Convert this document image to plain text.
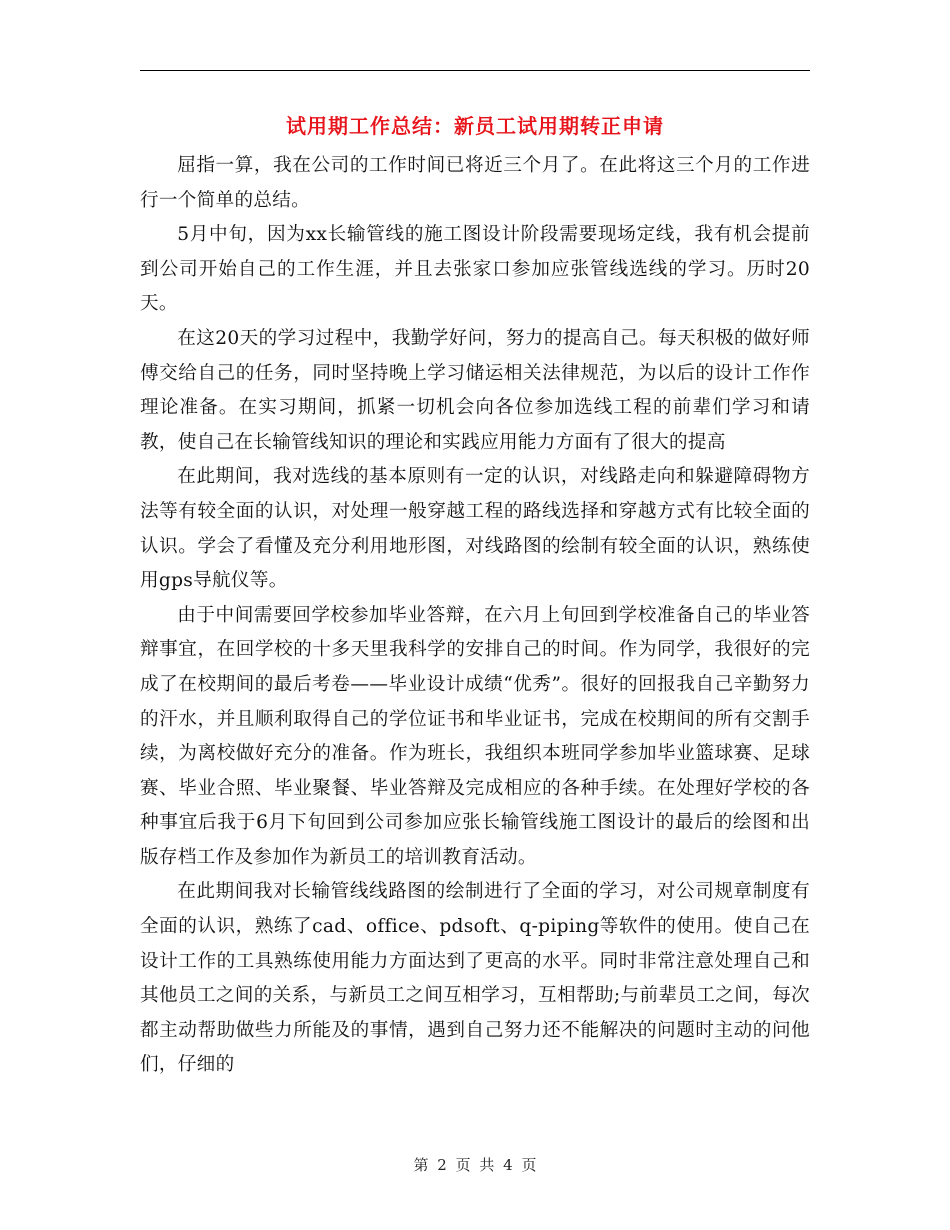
试用期工作总结：新员工试用期转正申请

屈指一算，我在公司的工作时间已将近三个月了。在此将这三个月的工作进行一个简单的总结。

5月中旬，因为xx长输管线的施工图设计阶段需要现场定线，我有机会提前到公司开始自己的工作生涯，并且去张家口参加应张管线选线的学习。历时20天。

在这20天的学习过程中，我勤学好问，努力的提高自己。每天积极的做好师傅交给自己的任务，同时坚持晚上学习储运相关法律规范，为以后的设计工作作理论准备。在实习期间，抓紧一切机会向各位参加选线工程的前辈们学习和请教，使自己在长输管线知识的理论和实践应用能力方面有了很大的提高

在此期间，我对选线的基本原则有一定的认识，对线路走向和躲避障碍物方法等有较全面的认识，对处理一般穿越工程的路线选择和穿越方式有比较全面的认识。学会了看懂及充分利用地形图，对线路图的绘制有较全面的认识，熟练使用gps导航仪等。

由于中间需要回学校参加毕业答辩，在六月上旬回到学校准备自己的毕业答辩事宜，在回学校的十多天里我科学的安排自己的时间。作为同学，我很好的完成了在校期间的最后考卷——毕业设计成绩“优秀”。很好的回报我自己辛勤努力的汗水，并且顺利取得自己的学位证书和毕业证书，完成在校期间的所有交割手续，为离校做好充分的准备。作为班长，我组织本班同学参加毕业篮球赛、足球赛、毕业合照、毕业聚餐、毕业答辩及完成相应的各种手续。在处理好学校的各种事宜后我于6月下旬回到公司参加应张长输管线施工图设计的最后的绘图和出版存档工作及参加作为新员工的培训教育活动。

在此期间我对长输管线线路图的绘制进行了全面的学习，对公司规章制度有全面的认识，熟练了cad、office、pdsoft、q-piping等软件的使用。使自己在设计工作的工具熟练使用能力方面达到了更高的水平。同时非常注意处理自己和其他员工之间的关系，与新员工之间互相学习，互相帮助;与前辈员工之间，每次都主动帮助做些力所能及的事情，遇到自己努力还不能解决的问题时主动的问他们，仔细的

第 2 页 共 4 页
